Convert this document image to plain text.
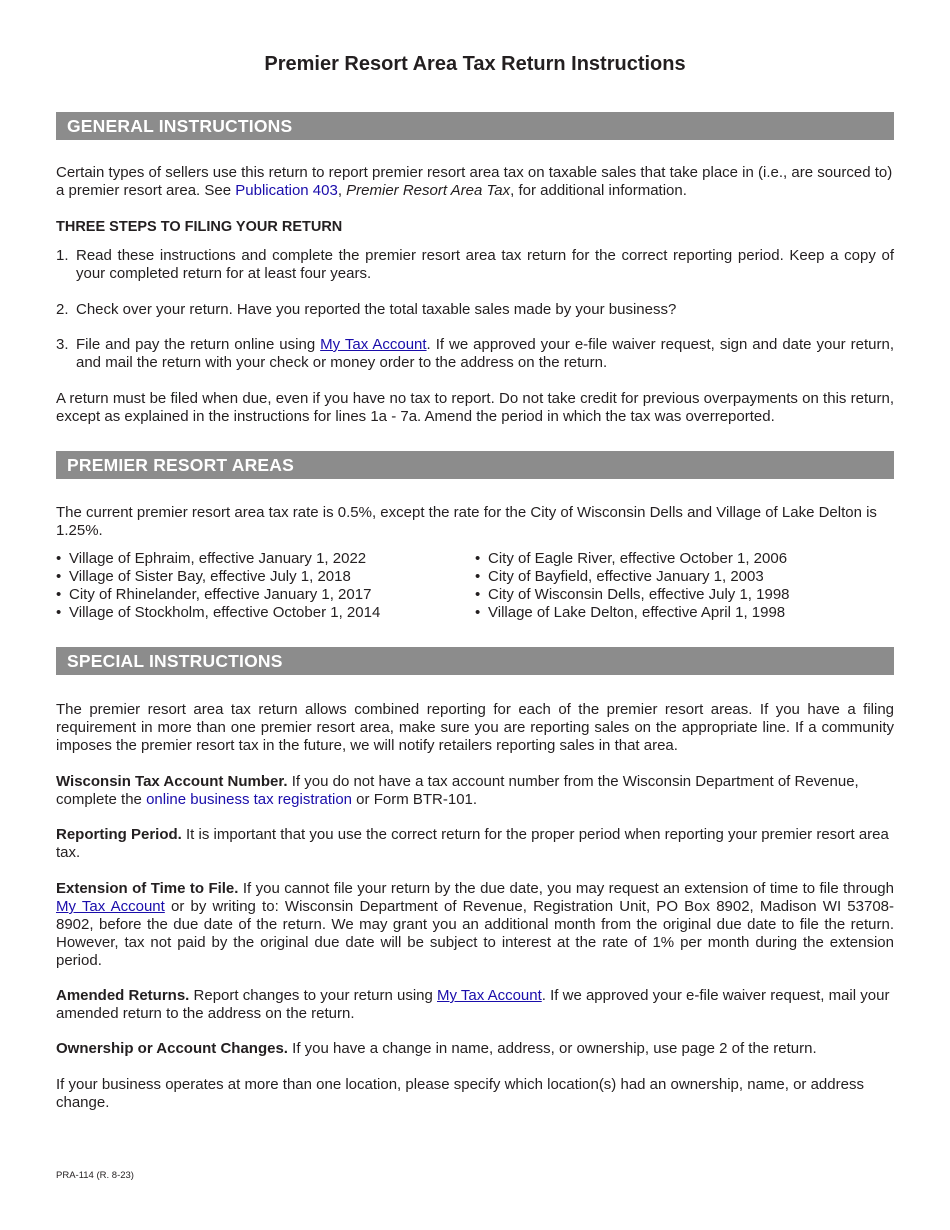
Premier Resort Area Tax Return Instructions
GENERAL INSTRUCTIONS
Certain types of sellers use this return to report premier resort area tax on taxable sales that take place in (i.e., are sourced to) a premier resort area. See Publication 403, Premier Resort Area Tax, for additional information.
THREE STEPS TO FILING YOUR RETURN
1. Read these instructions and complete the premier resort area tax return for the correct reporting period. Keep a copy of your completed return for at least four years.
2. Check over your return. Have you reported the total taxable sales made by your business?
3. File and pay the return online using My Tax Account. If we approved your e-file waiver request, sign and date your return, and mail the return with your check or money order to the address on the return.
A return must be filed when due, even if you have no tax to report. Do not take credit for previous overpayments on this return, except as explained in the instructions for lines 1a - 7a. Amend the period in which the tax was overreported.
PREMIER RESORT AREAS
The current premier resort area tax rate is 0.5%, except the rate for the City of Wisconsin Dells and Village of Lake Delton is 1.25%.
• Village of Ephraim, effective January 1, 2022
• Village of Sister Bay, effective July 1, 2018
• City of Rhinelander, effective January 1, 2017
• Village of Stockholm, effective October 1, 2014
• City of Eagle River, effective October 1, 2006
• City of Bayfield, effective January 1, 2003
• City of Wisconsin Dells, effective July 1, 1998
• Village of Lake Delton, effective April 1, 1998
SPECIAL INSTRUCTIONS
The premier resort area tax return allows combined reporting for each of the premier resort areas. If you have a filing requirement in more than one premier resort area, make sure you are reporting sales on the appropriate line. If a community imposes the premier resort tax in the future, we will notify retailers reporting sales in that area.
Wisconsin Tax Account Number. If you do not have a tax account number from the Wisconsin Department of Revenue, complete the online business tax registration or Form BTR-101.
Reporting Period. It is important that you use the correct return for the proper period when reporting your premier resort area tax.
Extension of Time to File. If you cannot file your return by the due date, you may request an extension of time to file through My Tax Account or by writing to: Wisconsin Department of Revenue, Registration Unit, PO Box 8902, Madison WI 53708-8902, before the due date of the return. We may grant you an additional month from the original due date to file the return. However, tax not paid by the original due date will be subject to interest at the rate of 1% per month during the extension period.
Amended Returns. Report changes to your return using My Tax Account. If we approved your e-file waiver request, mail your amended return to the address on the return.
Ownership or Account Changes. If you have a change in name, address, or ownership, use page 2 of the return.
If your business operates at more than one location, please specify which location(s) had an ownership, name, or address change.
PRA-114 (R. 8-23)
